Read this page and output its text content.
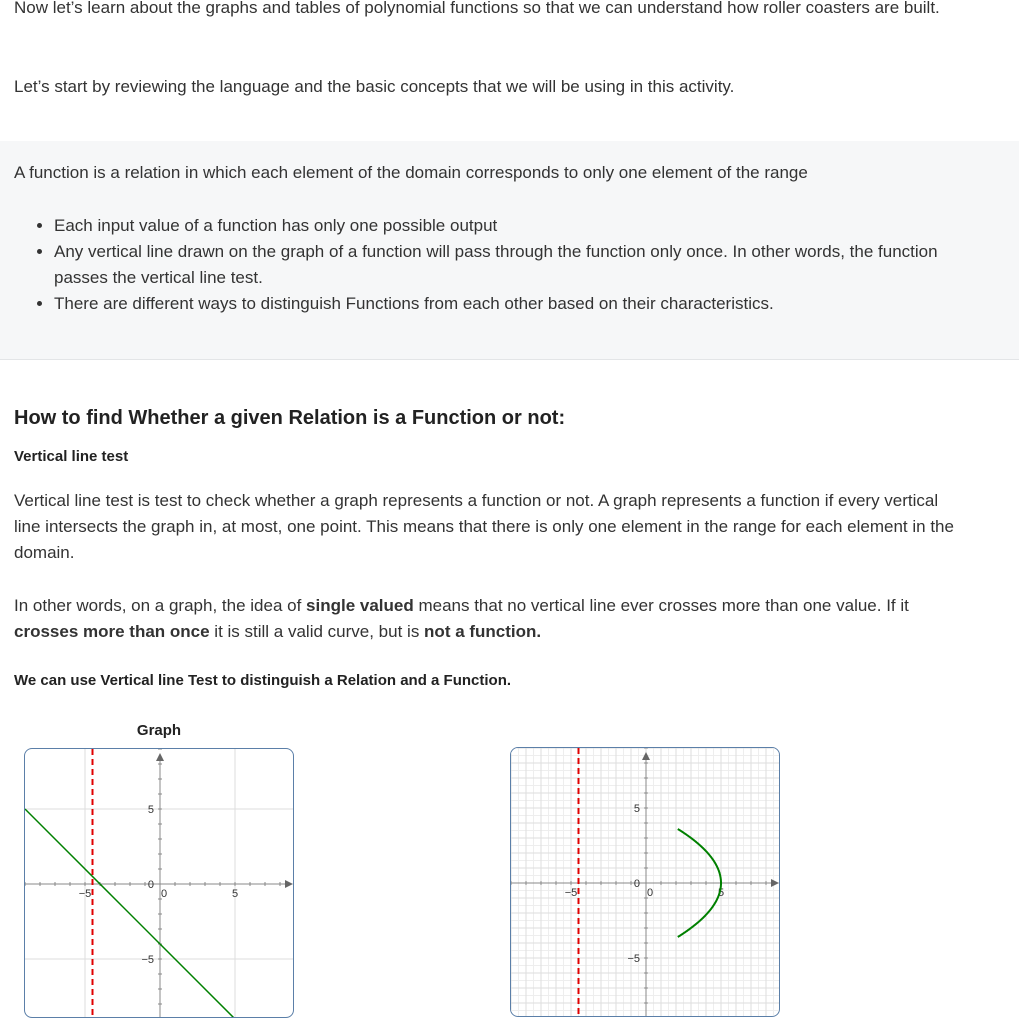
Now let’s learn about the graphs and tables of polynomial functions so that we can understand how roller coasters are built.

Let’s start by reviewing the language and the basic concepts that we will be using in this activity.

A function is a relation in which each element of the domain corresponds to only one element of the range

• Each input value of a function has only one possible output
• Any vertical line drawn on the graph of a function will pass through the function only once. In other words, the function passes the vertical line test.
• There are different ways to distinguish Functions from each other based on their characteristics.
How to find Whether a given Relation is a Function or not:
Vertical line test

Vertical line test is test to check whether a graph represents a function or not. A graph represents a function if every vertical line intersects the graph in, at most, one point. This means that there is only one element in the range for each element in the domain.

In other words, on a graph, the idea of single valued means that no vertical line ever crosses more than one value. If it crosses more than once it is still a valid curve, but is not a function.

We can use Vertical line Test to distinguish a Relation and a Function.

Graph
−5	0	5
5
0
−5
−5	0	5
5
0
−5
